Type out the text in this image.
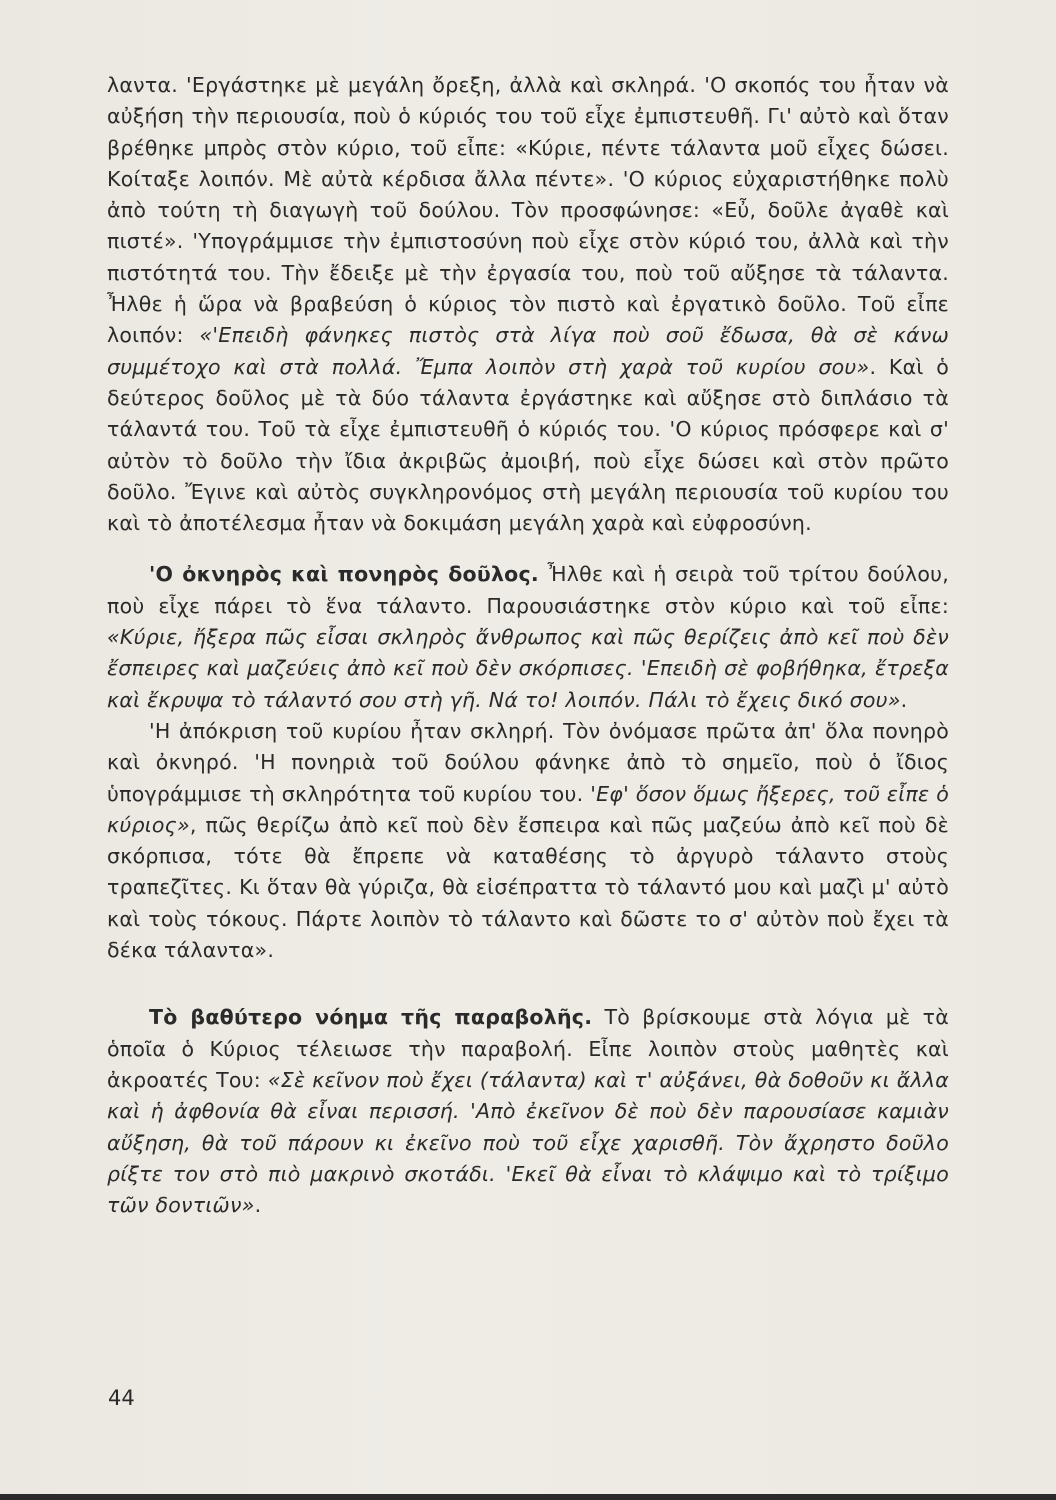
λαντα. 'Εργάστηκε μὲ μεγάλη ὄρεξη, ἀλλὰ καὶ σκληρά. 'Ο σκοπός του ἦταν νὰ αὐξήση τὴν περιουσία, ποὺ ὁ κύριός του τοῦ εἶχε ἐμπιστευθῆ. Γι' αὐτὸ καὶ ὅταν βρέθηκε μπρὸς στὸν κύριο, τοῦ εἶπε: «Κύριε, πέντε τάλαντα μοῦ εἶχες δώσει. Κοίταξε λοιπόν. Μὲ αὐτὰ κέρδισα ἄλλα πέντε». 'Ο κύριος εὐχαριστήθηκε πολὺ ἀπὸ τούτη τὴ διαγωγὴ τοῦ δούλου. Τὸν προσφώνησε: «Εὖ, δοῦλε ἀγαθὲ καὶ πιστέ». 'Υπογράμμισε τὴν ἐμπιστοσύνη ποὺ εἶχε στὸν κύριό του, ἀλλὰ καὶ τὴν πιστότητά του. Τὴν ἔδειξε μὲ τὴν ἐργασία του, ποὺ τοῦ αὔξησε τὰ τάλαντα. Ἦλθε ἡ ὥρα νὰ βραβεύση ὁ κύριος τὸν πιστὸ καὶ ἐργατικὸ δοῦλο. Τοῦ εἶπε λοιπόν: «'Επειδὴ φάνηκες πιστὸς στὰ λίγα ποὺ σοῦ ἔδωσα, θὰ σὲ κάνω συμμέτοχο καὶ στὰ πολλά. Ἔμπα λοιπὸν στὴ χαρὰ τοῦ κυρίου σου». Καὶ ὁ δεύτερος δοῦλος μὲ τὰ δύο τάλαντα ἐργάστηκε καὶ αὔξησε στὸ διπλάσιο τὰ τάλαντά του. Τοῦ τὰ εἶχε ἐμπιστευθῆ ὁ κύριός του. 'Ο κύριος πρόσφερε καὶ σ' αὐτὸν τὸ δοῦλο τὴν ἴδια ἀκριβῶς ἀμοιβή, ποὺ εἶχε δώσει καὶ στὸν πρῶτο δοῦλο. Ἔγινε καὶ αὐτὸς συγκληρονόμος στὴ μεγάλη περιουσία τοῦ κυρίου του καὶ τὸ ἀποτέλεσμα ἦταν νὰ δοκιμάση μεγάλη χαρὰ καὶ εὐφροσύνη.

'Ο ὀκνηρὸς καὶ πονηρὸς δοῦλος. Ἦλθε καὶ ἡ σειρὰ τοῦ τρίτου δούλου, ποὺ εἶχε πάρει τὸ ἕνα τάλαντο. Παρουσιάστηκε στὸν κύριο καὶ τοῦ εἶπε: «Κύριε, ἤξερα πῶς εἶσαι σκληρὸς ἄνθρωπος καὶ πῶς θερίζεις ἀπὸ κεῖ ποὺ δὲν ἔσπειρες καὶ μαζεύεις ἀπὸ κεῖ ποὺ δὲν σκόρπισες. 'Επειδὴ σὲ φοβήθηκα, ἔτρεξα καὶ ἔκρυψα τὸ τάλαντό σου στὴ γῆ. Νά το! λοιπόν. Πάλι τὸ ἔχεις δικό σου».

'Η ἀπόκριση τοῦ κυρίου ἦταν σκληρή. Τὸν ὀνόμασε πρῶτα ἀπ' ὅλα πονηρὸ καὶ ὀκνηρό. 'Η πονηριὰ τοῦ δούλου φάνηκε ἀπὸ τὸ σημεῖο, ποὺ ὁ ἴδιος ὑπογράμμισε τὴ σκληρότητα τοῦ κυρίου του. 'Εφ' ὅσον ὅμως ἤξερες, τοῦ εἶπε ὁ κύριος», πῶς θερίζω ἀπὸ κεῖ ποὺ δὲν ἔσπειρα καὶ πῶς μαζεύω ἀπὸ κεῖ ποὺ δὲ σκόρπισα, τότε θὰ ἔπρεπε νὰ καταθέσης τὸ ἀργυρὸ τάλαντο στοὺς τραπεζῖτες. Κι ὅταν θὰ γύριζα, θὰ εἰσέπραττα τὸ τάλαντό μου καὶ μαζὶ μ' αὐτὸ καὶ τοὺς τόκους. Πάρτε λοιπὸν τὸ τάλαντο καὶ δῶστε το σ' αὐτὸν ποὺ ἔχει τὰ δέκα τάλαντα».

Τὸ βαθύτερο νόημα τῆς παραβολῆς. Τὸ βρίσκουμε στὰ λόγια μὲ τὰ ὁποῖα ὁ Κύριος τέλειωσε τὴν παραβολή. Εἶπε λοιπὸν στοὺς μαθητὲς καὶ ἀκροατές Του: «Σὲ κεῖνον ποὺ ἔχει (τάλαντα) καὶ τ' αὐξάνει, θὰ δοθοῦν κι ἄλλα καὶ ἡ ἀφθονία θὰ εἶναι περισσή. 'Απὸ ἐκεῖνον δὲ ποὺ δὲν παρουσίασε καμιὰν αὔξηση, θὰ τοῦ πάρουν κι ἐκεῖνο ποὺ τοῦ εἶχε χαρισθῆ. Τὸν ἄχρηστο δοῦλο ρίξτε τον στὸ πιὸ μακρινὸ σκοτάδι. 'Εκεῖ θὰ εἶναι τὸ κλάψιμο καὶ τὸ τρίξιμο τῶν δοντιῶν».

44
